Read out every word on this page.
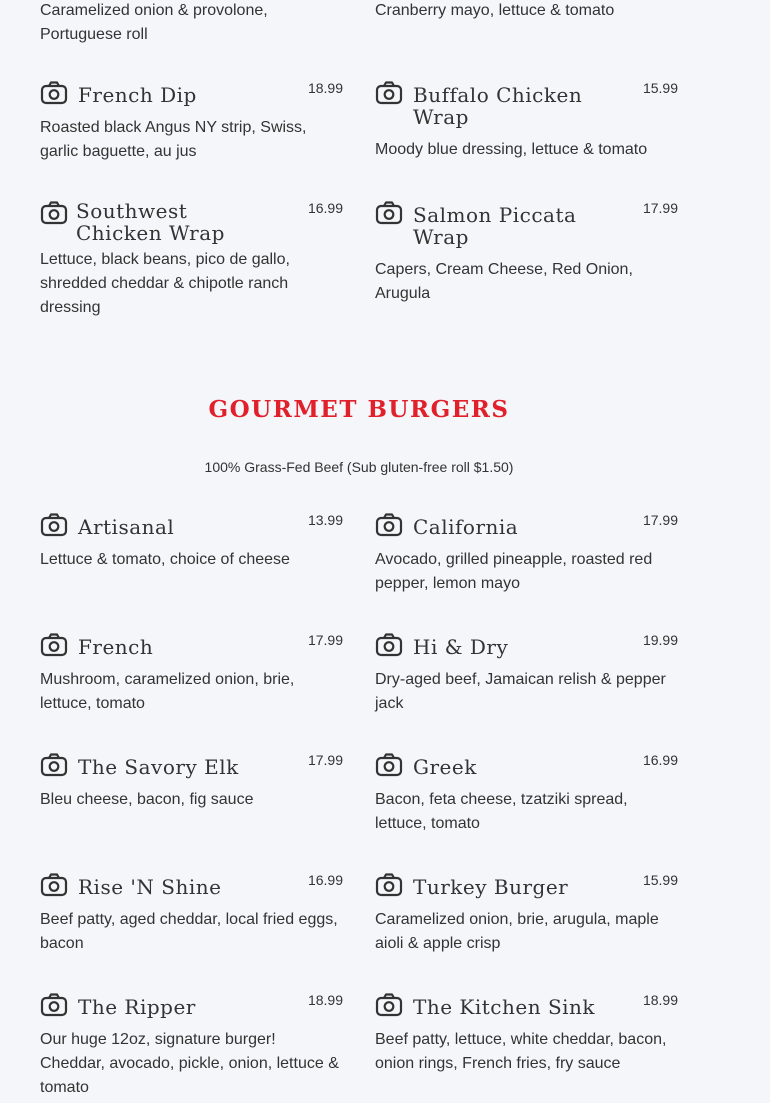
Caramelized onion & provolone, Portuguese roll
Cranberry mayo, lettuce & tomato
French Dip	18.99
Roasted black Angus NY strip, Swiss, garlic baguette, au jus
Buffalo Chicken Wrap
15.99
Moody blue dressing, lettuce & tomato
Southwest Chicken Wrap
16.99
Lettuce, black beans, pico de gallo, shredded cheddar & chipotle ranch dressing
Salmon Piccata Wrap
17.99
Capers, Cream Cheese, Red Onion, Arugula
GOURMET BURGERS
100% Grass-Fed Beef (Sub gluten-free roll $1.50)
Artisanal	13.99
Lettuce & tomato, choice of cheese
California	17.99
Avocado, grilled pineapple, roasted red pepper, lemon mayo
French	17.99
Mushroom, caramelized onion, brie, lettuce, tomato
Hi & Dry	19.99
Dry-aged beef, Jamaican relish & pepper jack
The Savory Elk	17.99
Bleu cheese, bacon, fig sauce
Greek	16.99
Bacon, feta cheese, tzatziki spread, lettuce, tomato
Rise 'N Shine	16.99
Beef patty, aged cheddar, local fried eggs, bacon
Turkey Burger	15.99
Caramelized onion, brie, arugula, maple aioli & apple crisp
The Ripper	18.99
Our huge 12oz, signature burger! Cheddar, avocado, pickle, onion, lettuce & tomato
The Kitchen Sink	18.99
Beef patty, lettuce, white cheddar, bacon, onion rings, French fries, fry sauce
